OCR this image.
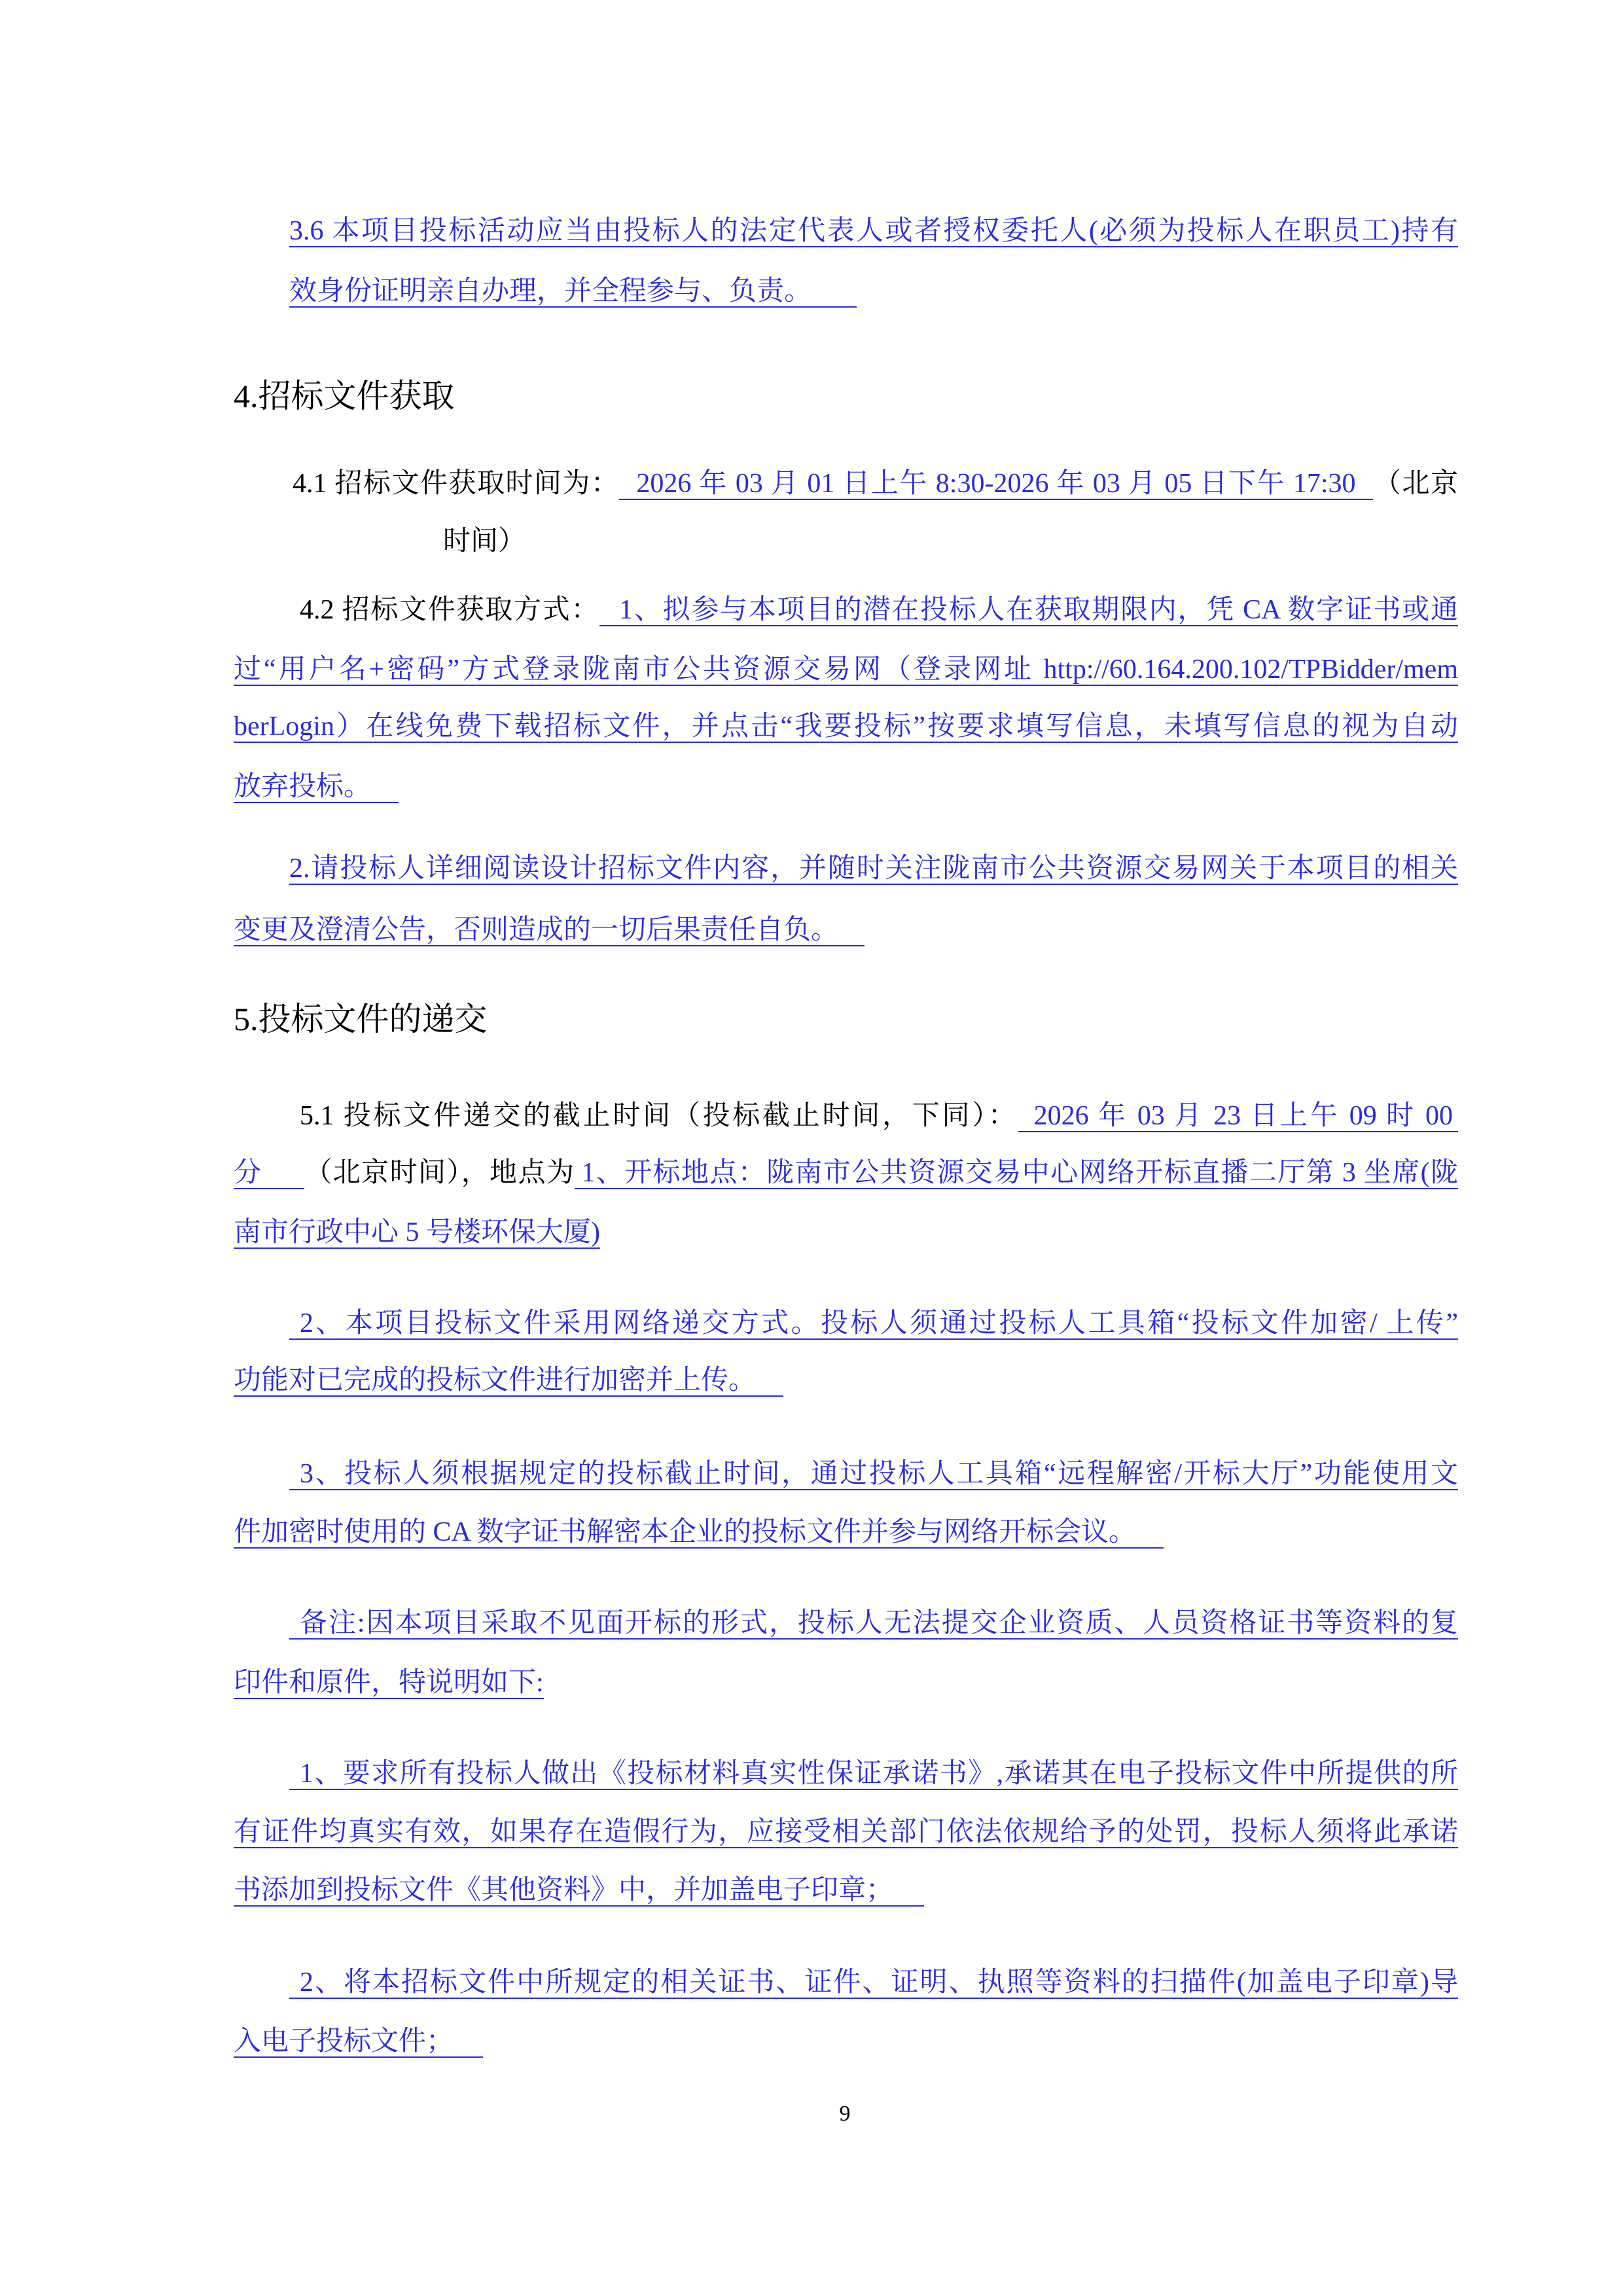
3.6 本项目投标活动应当由投标人的法定代表人或者授权委托人(必须为投标人在职员工)持有
效身份证明亲自办理，并全程参与、负责。
4.招标文件获取
4.1 招标文件获取时间为： 2026 年 03 月 01 日上午 8:30-2026 年 03 月 05 日下午 17:30 （北京
时间）
4.2 招标文件获取方式： 1、拟参与本项目的潜在投标人在获取期限内，凭 CA 数字证书或通
过“用户名+密码”方式登录陇南市公共资源交易网（登录网址 http://60.164.200.102/TPBidder/mem
berLogin）在线免费下载招标文件，并点击“我要投标”按要求填写信息，未填写信息的视为自动
放弃投标。
2.请投标人详细阅读设计招标文件内容，并随时关注陇南市公共资源交易网关于本项目的相关
变更及澄清公告，否则造成的一切后果责任自负。
5.投标文件的递交
5.1 投标文件递交的截止时间（投标截止时间，下同）： 2026 年 03 月 23 日上午 09 时 00
分 （北京时间），地点为 1、开标地点：陇南市公共资源交易中心网络开标直播二厅第 3 坐席(陇
南市行政中心 5 号楼环保大厦)
2、本项目投标文件采用网络递交方式。投标人须通过投标人工具箱“投标文件加密/ 上传”
功能对已完成的投标文件进行加密并上传。
3、投标人须根据规定的投标截止时间，通过投标人工具箱“远程解密/开标大厅”功能使用文
件加密时使用的 CA 数字证书解密本企业的投标文件并参与网络开标会议。
备注:因本项目采取不见面开标的形式，投标人无法提交企业资质、人员资格证书等资料的复
印件和原件，特说明如下:
1、要求所有投标人做出《投标材料真实性保证承诺书》,承诺其在电子投标文件中所提供的所
有证件均真实有效，如果存在造假行为，应接受相关部门依法依规给予的处罚，投标人须将此承诺
书添加到投标文件《其他资料》中，并加盖电子印章；
2、将本招标文件中所规定的相关证书、证件、证明、执照等资料的扫描件(加盖电子印章)导
入电子投标文件；
9
